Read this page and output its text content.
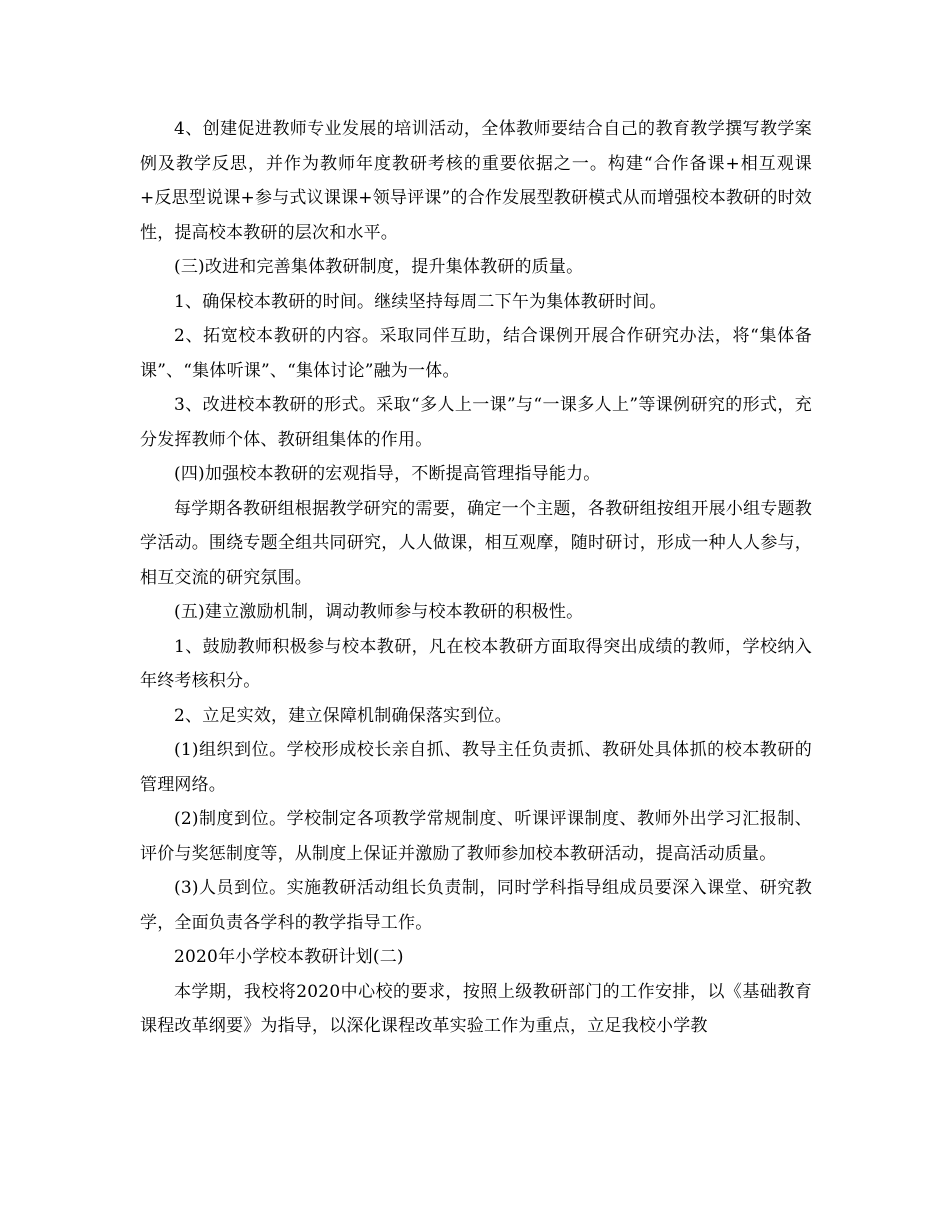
4、创建促进教师专业发展的培训活动，全体教师要结合自己的教育教学撰写教学案例及教学反思，并作为教师年度教研考核的重要依据之一。构建“合作备课+相互观课+反思型说课+参与式议课课+领导评课”的合作发展型教研模式从而增强校本教研的时效性，提高校本教研的层次和水平。

(三)改进和完善集体教研制度，提升集体教研的质量。

1、确保校本教研的时间。继续坚持每周二下午为集体教研时间。

2、拓宽校本教研的内容。采取同伴互助，结合课例开展合作研究办法，将“集体备课”、“集体听课”、“集体讨论”融为一体。

3、改进校本教研的形式。采取“多人上一课”与“一课多人上”等课例研究的形式，充分发挥教师个体、教研组集体的作用。

(四)加强校本教研的宏观指导，不断提高管理指导能力。

每学期各教研组根据教学研究的需要，确定一个主题，各教研组按组开展小组专题教学活动。围绕专题全组共同研究，人人做课，相互观摩，随时研讨，形成一种人人参与，相互交流的研究氛围。

(五)建立激励机制，调动教师参与校本教研的积极性。

1、鼓励教师积极参与校本教研，凡在校本教研方面取得突出成绩的教师，学校纳入年终考核积分。

2、立足实效，建立保障机制确保落实到位。

(1)组织到位。学校形成校长亲自抓、教导主任负责抓、教研处具体抓的校本教研的管理网络。

(2)制度到位。学校制定各项教学常规制度、听课评课制度、教师外出学习汇报制、评价与奖惩制度等，从制度上保证并激励了教师参加校本教研活动，提高活动质量。

(3)人员到位。实施教研活动组长负责制，同时学科指导组成员要深入课堂、研究教学，全面负责各学科的教学指导工作。

2020年小学校本教研计划(二)

本学期，我校将2020中心校的要求，按照上级教研部门的工作安排，以《基础教育课程改革纲要》为指导，以深化课程改革实验工作为重点，立足我校小学教
